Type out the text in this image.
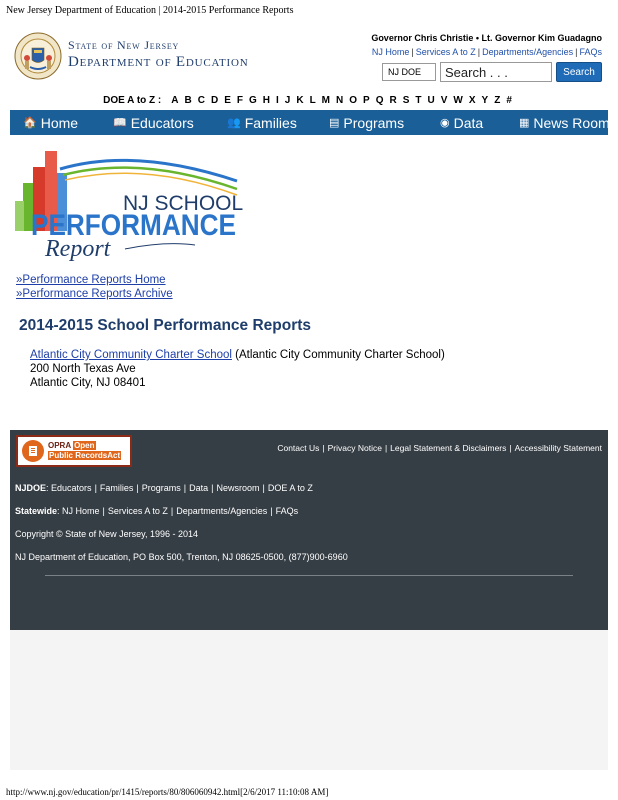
New Jersey Department of Education | 2014-2015 Performance Reports
State of New Jersey
Department of Education
Governor Chris Christie • Lt. Governor Kim Guadagno
NJ Home | Services A to Z | Departments/Agencies | FAQs
NJ DOE	Search . . .	Search
DOE A to Z : A B C D E F G H I J K L M N O P Q R S T U V W X Y Z #
🏠 Home	📖 Educators	👥 Families	▤ Programs	◉ Data	▦ News Room
NJ SCHOOL
PERFORMANCE
Report
»Performance Reports Home
»Performance Reports Archive
2014-2015 School Performance Reports
Atlantic City Community Charter School (Atlantic City Community Charter School)
200 North Texas Ave
Atlantic City, NJ 08401
OPRA Open
Public RecordsAct
Contact Us | Privacy Notice | Legal Statement & Disclaimers | Accessibility Statement
NJDOE: Educators | Families | Programs | Data | Newsroom | DOE A to Z
Statewide: NJ Home | Services A to Z | Departments/Agencies | FAQs
Copyright © State of New Jersey, 1996 - 2014
NJ Department of Education, PO Box 500, Trenton, NJ 08625-0500, (877)900-6960
http://www.nj.gov/education/pr/1415/reports/80/806060942.html[2/6/2017 11:10:08 AM]
